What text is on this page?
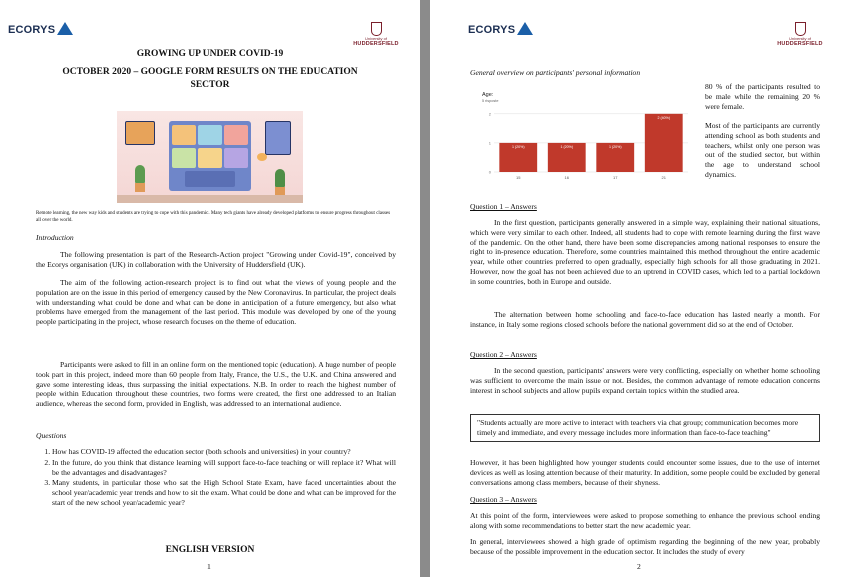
ECORYS
University of
HUDDERSFIELD
GROWING UP UNDER COVID-19
OCTOBER 2020 – GOOGLE FORM RESULTS ON THE EDUCATION SECTOR
Remote learning, the new way kids and students are trying to cope with this pandemic. Many tech giants have already developed platforms to ensure progress throughout classes all over the world.
Introduction
The following presentation is part of the Research-Action project "Growing under Covid-19", conceived by the Ecorys organisation (UK) in collaboration with the University of Huddersfield (UK).
The aim of the following action-research project is to find out what the views of young people and the population are on the issue in this period of emergency caused by the New Coronavirus. In particular, the project deals with understanding what could be done and what can be done in anticipation of a future emergency, but also what problems have emerged from the management of the last period. This module was developed by one of the young people participating in the project, whose research focuses on the theme of education.
Participants were asked to fill in an online form on the mentioned topic (education). A huge number of people took part in this project, indeed more than 60 people from Italy, France, the U.S., the U.K. and China answered and gave some interesting ideas, thus surpassing the initial expectations. N.B. In order to reach the highest number of people within Education throughout these countries, two forms were created, the first one addressed to an Italian audience, whereas the second form, provided in English, was addressed to an international audience.
Questions
1. How has COVID-19 affected the education sector (both schools and universities) in your country?
2. In the future, do you think that distance learning will support face-to-face teaching or will replace it? What will be the advantages and disadvantages?
3. Many students, in particular those who sat the High School State Exam, have faced uncertainties about the school year/academic year trends and how to sit the exam. What could be done and what can be improved for the start of the new school year/academic year?
ENGLISH VERSION
1
ECORYS
University of
HUDDERSFIELD
General overview on participants' personal information
80 % of the participants resulted to be male while the remaining 20 % were female.
Most of the participants are currently attending school as both students and teachers, whilst only one person was out of the studied sector, but within the age to understand school dynamics.
Question 1 – Answers
In the first question, participants generally answered in a simple way, explaining their national situations, which were very similar to each other. Indeed, all students had to cope with remote learning during the first wave of the pandemic. On the other hand, there have been some discrepancies among national responses to ensure the right to in-presence education. Therefore, some countries maintained this method throughout the entire academic year, while other countries preferred to open gradually, especially high schools for all those graduating in 2021. However, now the goal has not been achieved due to an uptrend in COVID cases, which led to a partial lockdown in some countries, both in Europe and outside.
The alternation between home schooling and face-to-face education has lasted nearly a month. For instance, in Italy some regions closed schools before the national government did so at the end of October.
Question 2 – Answers
In the second question, participants' answers were very conflicting, especially on whether home schooling was sufficient to overcome the main issue or not. Besides, the common advantage of remote education concerns interest in school subjects and allow pupils expand certain topics within the studied area.
"Students actually are more active to interact with teachers via chat group; communication becomes more timely and immediate, and every message includes more information than face-to-face teaching"
However, it has been highlighted how younger students could encounter some issues, due to the use of internet devices as well as losing attention because of their maturity. In addition, some people could be excluded by general conversations among class members, because of their shyness.
Question 3 – Answers
At this point of the form, interviewees were asked to propose something to enhance the previous school ending along with some recommendations to better start the new academic year.
In general, interviewees showed a high grade of optimism regarding the beginning of the new year, probably because of the possible improvement in the education sector. It includes the study of every
2
Age:
5 risposte
0
1
2
1 (20%)
15
1 (20%)
16
1 (20%)
17
2 (40%)
21
